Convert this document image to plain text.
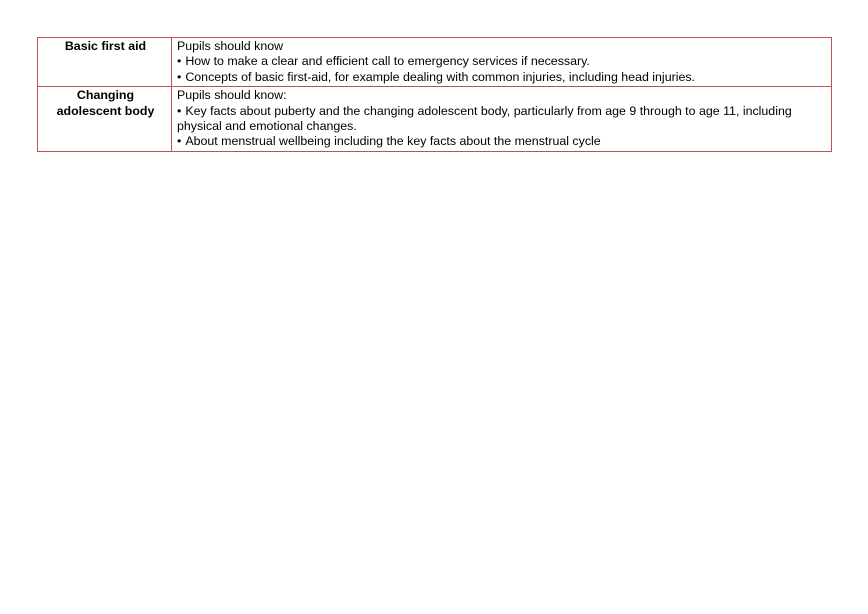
Basic first aid	Pupils should know
• How to make a clear and efficient call to emergency services if necessary.
• Concepts of basic first-aid, for example dealing with common injuries, including head injuries.

Changing adolescent body	Pupils should know:
• Key facts about puberty and the changing adolescent body, particularly from age 9 through to age 11, including physical and emotional changes.
• About menstrual wellbeing including the key facts about the menstrual cycle
